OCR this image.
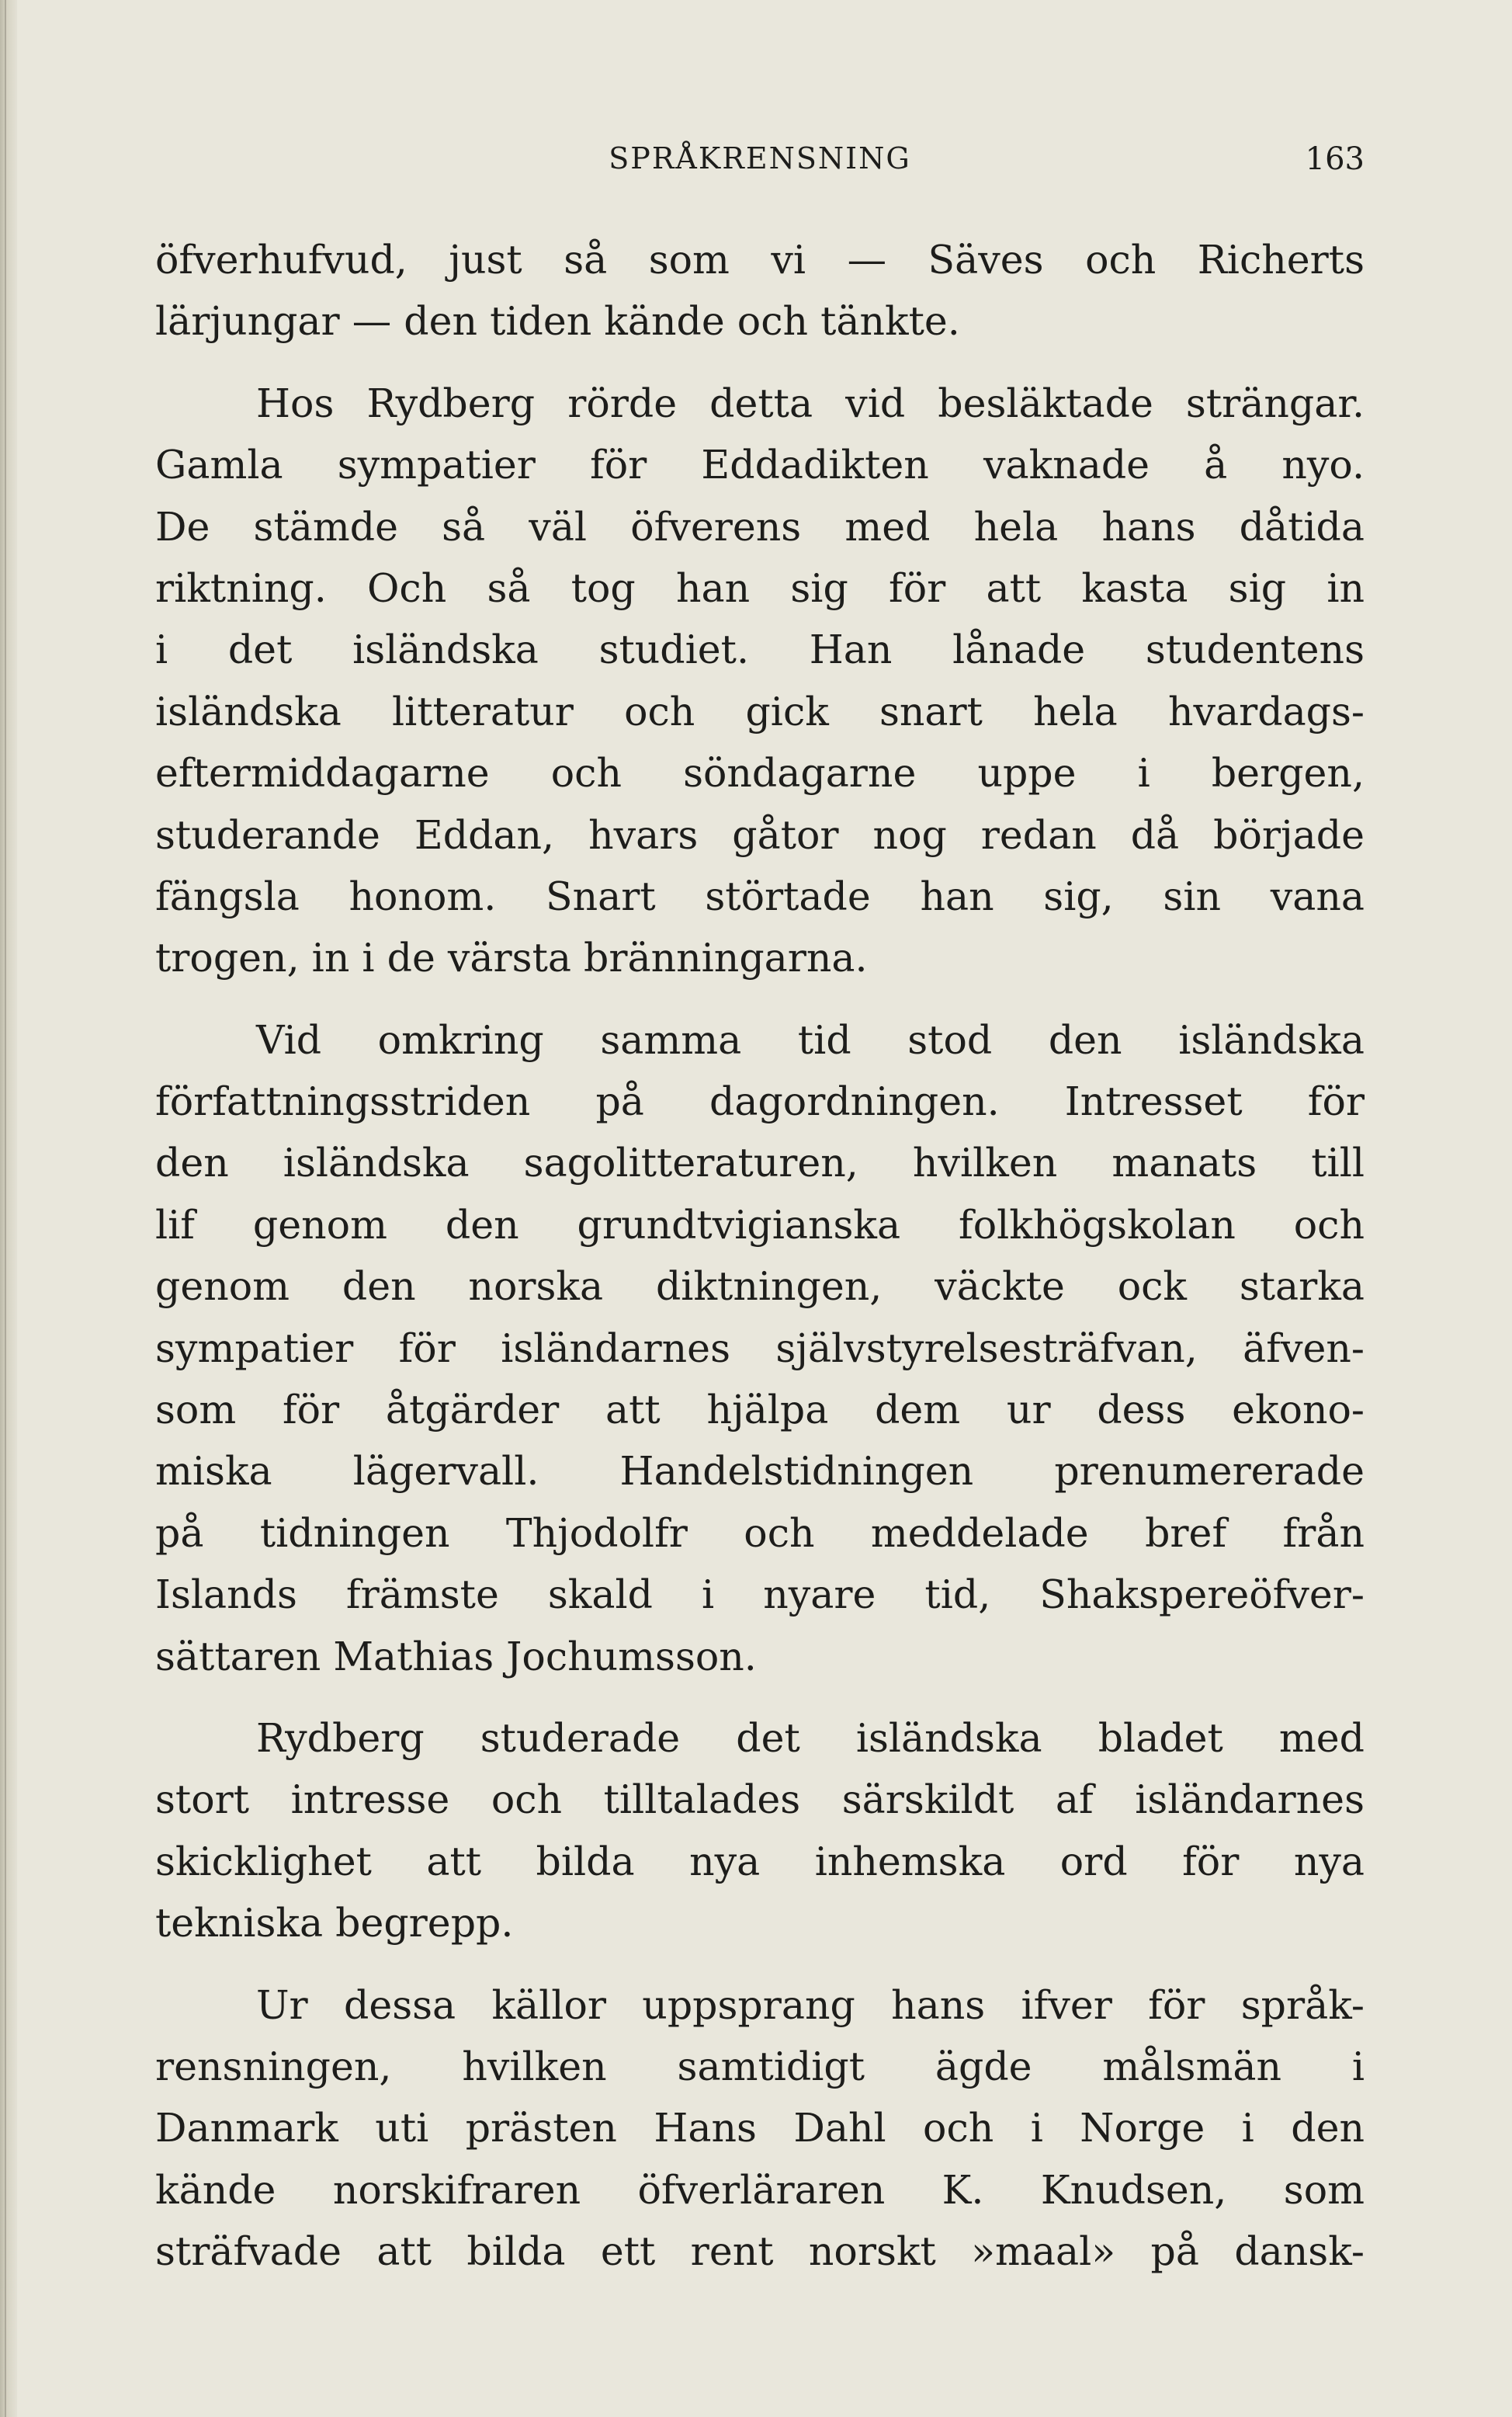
SPRÅKRENSNING	163
öfverhufvud, just så som vi — Säves och Richerts
lärjungar — den tiden kände och tänkte.
Hos Rydberg rörde detta vid besläktade strängar.
Gamla sympatier för Eddadikten vaknade å nyo.
De stämde så väl öfverens med hela hans dåtida
riktning. Och så tog han sig för att kasta sig in
i det isländska studiet. Han lånade studentens
isländska litteratur och gick snart hela hvardags-
eftermiddagarne och söndagarne uppe i bergen,
studerande Eddan, hvars gåtor nog redan då började
fängsla honom. Snart störtade han sig, sin vana
trogen, in i de värsta bränningarna.
Vid omkring samma tid stod den isländska
författningsstriden på dagordningen. Intresset för
den isländska sagolitteraturen, hvilken manats till
lif genom den grundtvigianska folkhögskolan och
genom den norska diktningen, väckte ock starka
sympatier för isländarnes självstyrelsesträfvan, äfven-
som för åtgärder att hjälpa dem ur dess ekono-
miska lägervall. Handelstidningen prenumererade
på tidningen Thjodolfr och meddelade bref från
Islands främste skald i nyare tid, Shakspereöfver-
sättaren Mathias Jochumsson.
Rydberg studerade det isländska bladet med
stort intresse och tilltalades särskildt af isländarnes
skicklighet att bilda nya inhemska ord för nya
tekniska begrepp.
Ur dessa källor uppsprang hans ifver för språk-
rensningen, hvilken samtidigt ägde målsmän i
Danmark uti prästen Hans Dahl och i Norge i den
kände norskifraren öfverläraren K. Knudsen, som
sträfvade att bilda ett rent norskt »maal» på dansk-
